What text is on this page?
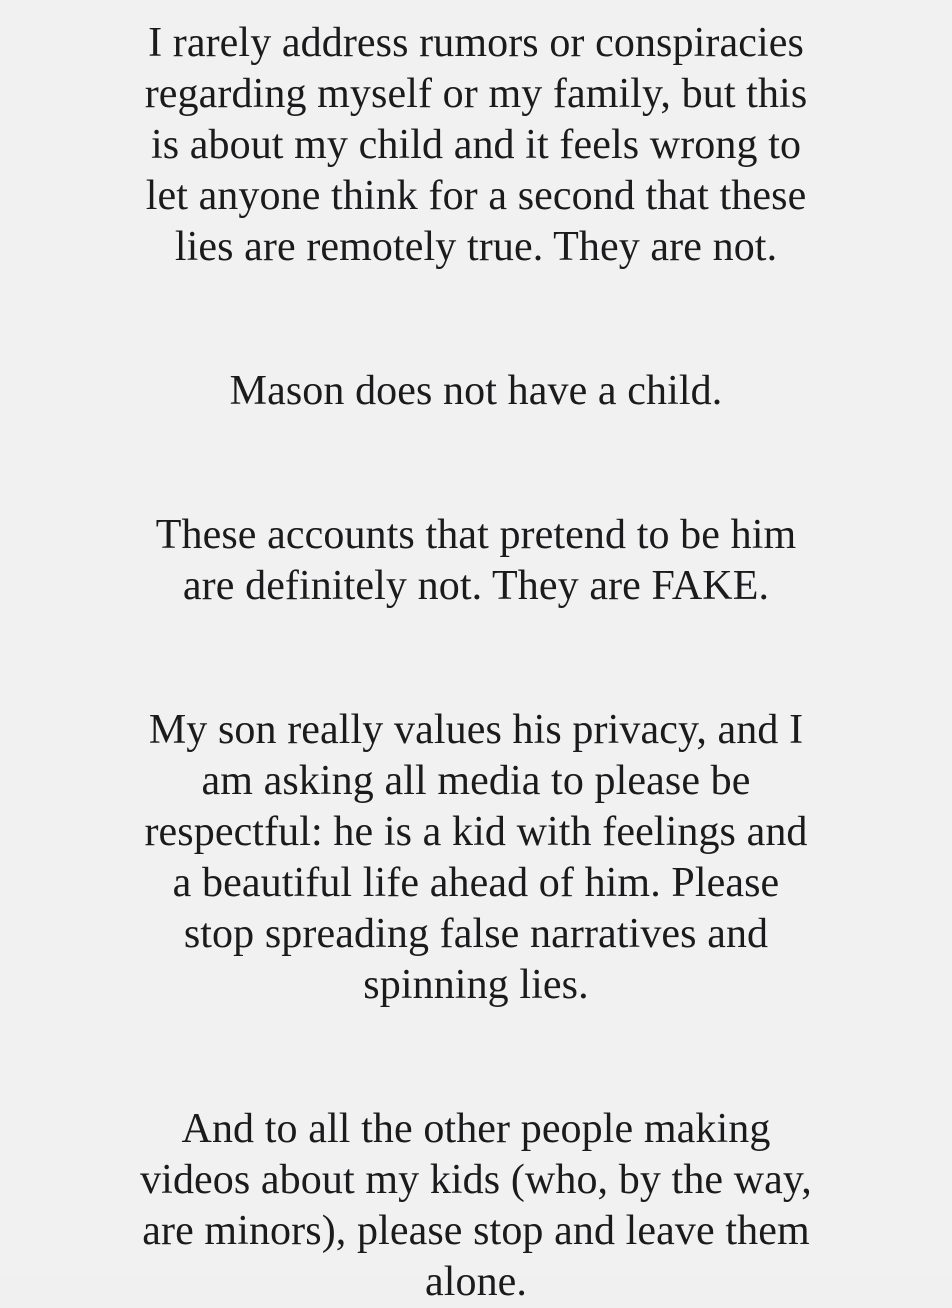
I rarely address rumors or conspiracies regarding myself or my family, but this is about my child and it feels wrong to let anyone think for a second that these lies are remotely true. They are not.

Mason does not have a child.

These accounts that pretend to be him are definitely not. They are FAKE.

My son really values his privacy, and I am asking all media to please be respectful: he is a kid with feelings and a beautiful life ahead of him. Please stop spreading false narratives and spinning lies.

And to all the other people making videos about my kids (who, by the way, are minors), please stop and leave them alone.
